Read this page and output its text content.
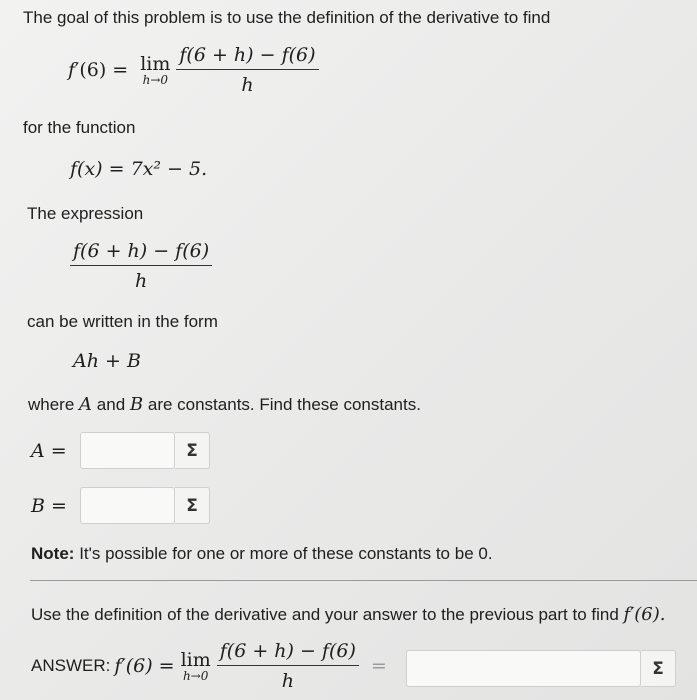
The goal of this problem is to use the definition of the derivative to find
f ′ (6) = lim
$h\to 0 \frac{f(6 + h) - f(6)}{h}$
for the function
f(x) = 7x² − 5.
The expression
$\frac{f(6 + h) - f(6)}{h}$
can be written in the form
Ah + B
where A and B are constants. Find these constants.
A =	Σ
B =	Σ
Note: It's possible for one or more of these constants to be 0.
Use the definition of the derivative and your answer to the previous part to find f′(6).
ANSWER: f′(6) = lim
$h\to 0 \frac{f(6 + h) - f(6)}{h}$ =	Σ
